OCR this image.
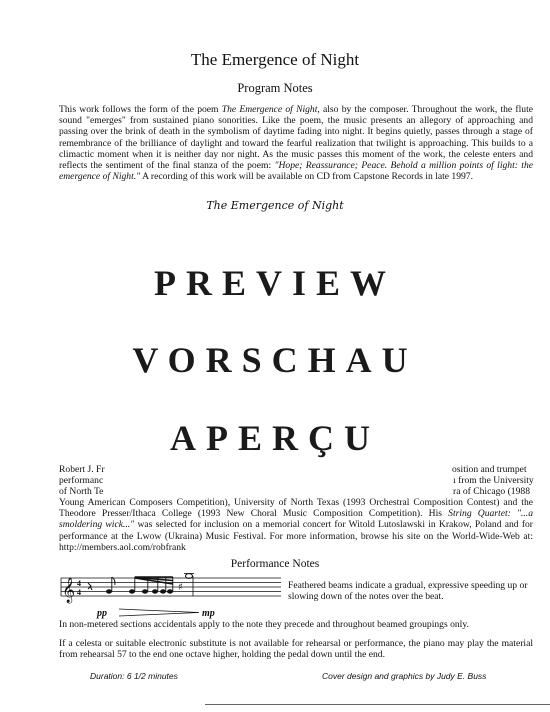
The Emergence of Night
Program Notes
This work follows the form of the poem The Emergence of Night, also by the composer. Throughout the work, the flute sound "emerges" from sustained piano sonorities. Like the poem, the music presents an allegory of approaching and passing over the brink of death in the symbolism of daytime fading into night. It begins quietly, passes through a stage of remembrance of the brilliance of daylight and toward the fearful realization that twilight is approaching. This builds to a climactic moment when it is neither day nor night. As the music passes this moment of the work, the celeste enters and reflects the sentiment of the final stanza of the poem: "Hope; Reassurance; Peace. Behold a million points of light: the emergence of Night." A recording of this work will be available on CD from Capstone Records in late 1997.
The Emergence of Night
Robert J. Fr
performanc
of North Te
osition and trumpet
ı from the University
ra of Chicago (1988
PREVIEW
VORSCHAU
APERÇU
Young American Composers Competition), University of North Texas (1993 Orchestral Composition Contest) and the Theodore Presser/Ithaca College (1993 New Choral Music Composition Competition). His String Quartet: "...a smoldering wick..." was selected for inclusion on a memorial concert for Witold Lutoslawski in Krakow, Poland and for performance at the Lwow (Ukraina) Music Festival. For more information, browse his site on the World-Wide-Web at: http://members.aol.com/robfrank
Performance Notes
𝄞 4
4	♯
pp	mp
Feathered beams indicate a gradual, expressive speeding up or slowing down of the notes over the beat.
In non-metered sections accidentals apply to the note they precede and throughout beamed groupings only.
If a celesta or suitable electronic substitute is not available for rehearsal or performance, the piano may play the material from rehearsal 57 to the end one octave higher, holding the pedal down until the end.
Duration: 6 1/2 minutes	Cover design and graphics by Judy E. Buss
